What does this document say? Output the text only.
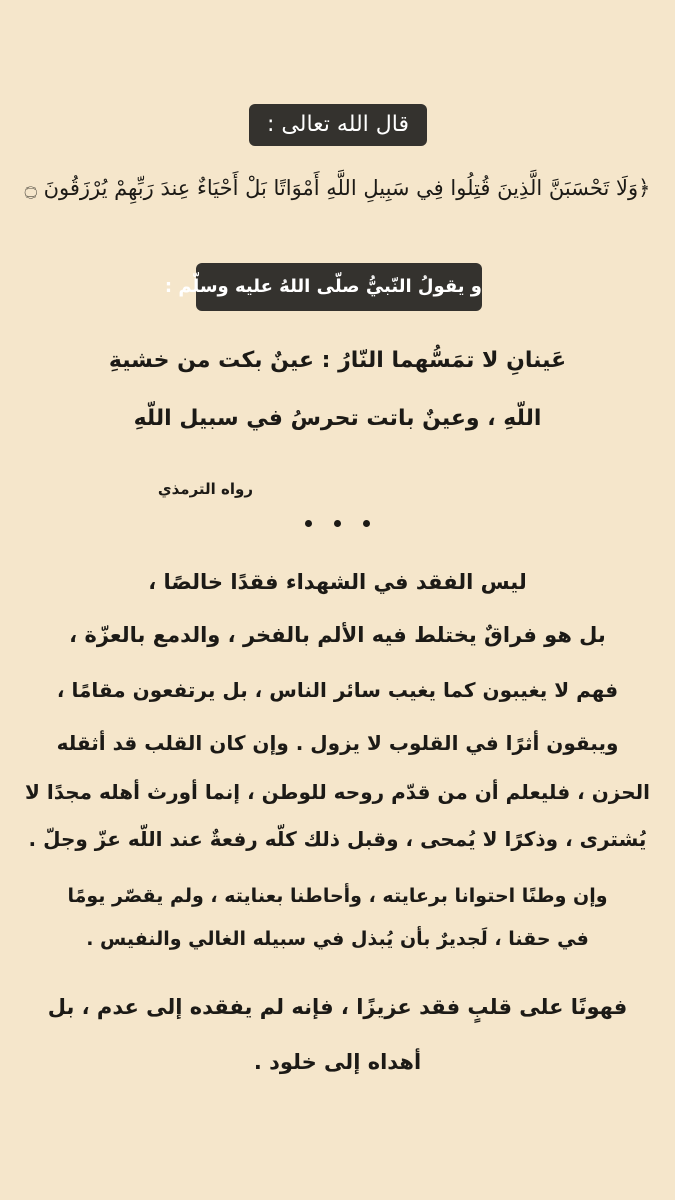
قال الله تعالى :
﴿وَلَا تَحْسَبَنَّ الَّذِينَ قُتِلُوا فِي سَبِيلِ اللَّهِ أَمْوَاتًا بَلْ أَحْيَاءٌ عِندَ رَبِّهِمْ يُرْزَقُونَ ۝
و يقولُ النّبيُّ صلّى اللهُ عليه وسلّم :
عَينانِ لا تمَسُّهما النّارُ : عينٌ بكت من خشيةِ
اللّهِ ، وعينٌ باتت تحرسُ في سبيل اللّهِ
رواه الترمذي
ليس الفقد في الشهداء فقدًا خالصًا ،
بل هو فراقٌ يختلط فيه الألم بالفخر ، والدمع بالعزّة ،
فهم لا يغيبون كما يغيب سائر الناس ، بل يرتفعون مقامًا ،
ويبقون أثرًا في القلوب لا يزول . وإن كان القلب قد أثقله
الحزن ، فليعلم أن من قدّم روحه للوطن ، إنما أورث أهله مجدًا لا
يُشترى ، وذكرًا لا يُمحى ، وقبل ذلك كلّه رفعةٌ عند اللّه عزّ وجلّ .
وإن وطنًا احتوانا برعايته ، وأحاطنا بعنايته ، ولم يقصّر يومًا
في حقنا ، لَجديرٌ بأن يُبذل في سبيله الغالي والنفيس .
فهونًا على قلبٍ فقد عزيزًا ، فإنه لم يفقده إلى عدم ، بل
أهداه إلى خلود .
